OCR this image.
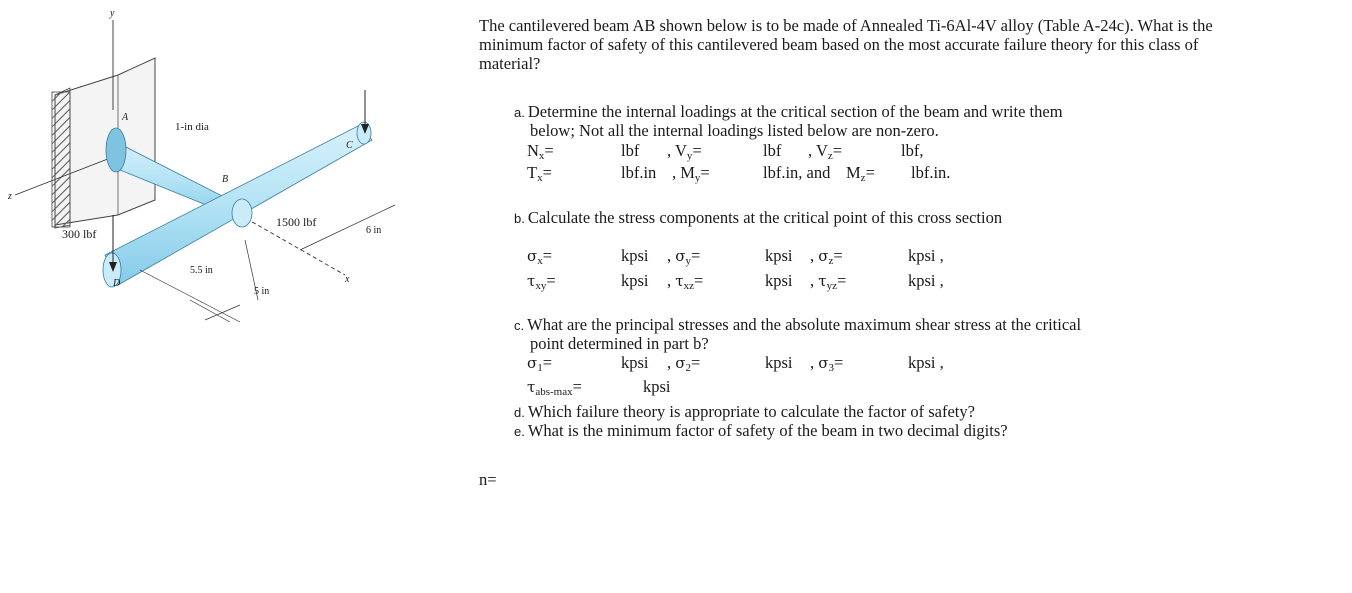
y
z
x
A
B
C
D
1-in dia
300 lbf
1500 lbf
6 in
5.5 in
5 in
The cantilevered beam AB shown below is to be made of Annealed Ti-6Al-4V alloy (Table A-24c). What is the minimum factor of safety of this cantilevered beam based on the most accurate failure theory for this class of material?
a. Determine the internal loadings at the critical section of the beam and write them
below; Not all the internal loadings listed below are non-zero.
$N_x=$	lbf , $V_y=$	lbf , $V_z=$	lbf,
$T_x=$	lbf.in , $M_y=$	lbf.in, and $M_z= lbf.in$.
b. Calculate the stress components at the critical point of this cross section
$\sigma_x=$	kpsi , $\sigma_y=$	kpsi , $\sigma_z=$	kpsi ,
$\tau_{xy}=$	kpsi , $\tau_{xz}=$	kpsi , $\tau_{yz}=$	kpsi ,
c. What are the principal stresses and the absolute maximum shear stress at the critical
point determined in part b?
$\sigma_1=$	kpsi , $\sigma_2=$	kpsi , $\sigma_3=$	kpsi ,
$\tau_{abs-max}=$	kpsi
d. Which failure theory is appropriate to calculate the factor of safety?
e. What is the minimum factor of safety of the beam in two decimal digits?
n=
